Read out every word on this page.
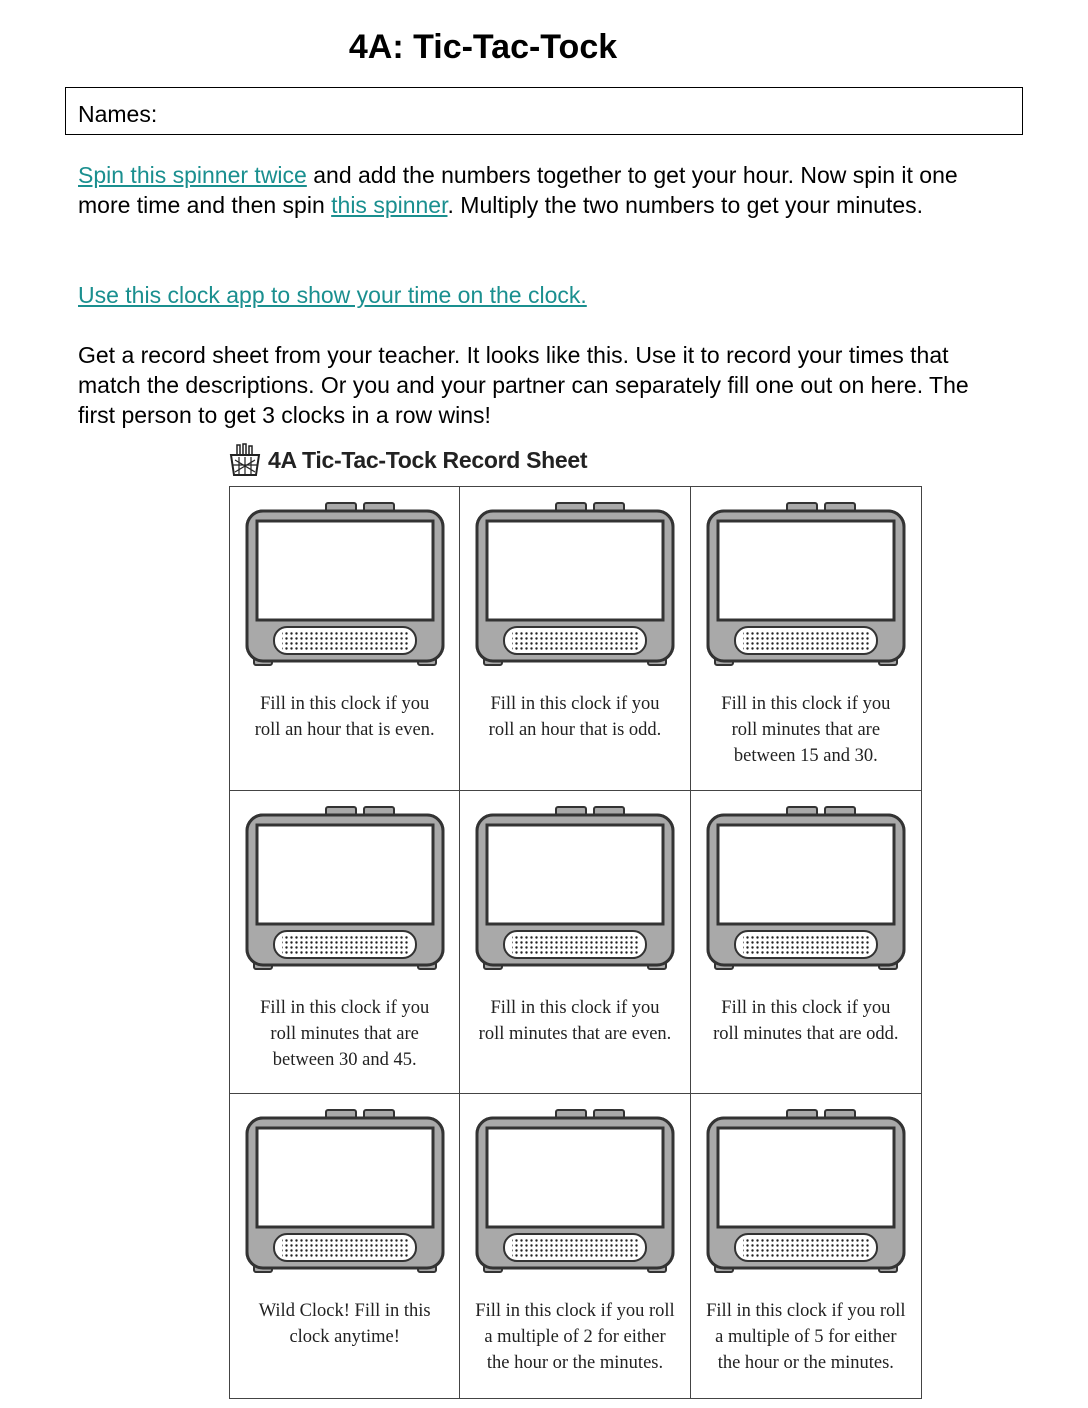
4A: Tic-Tac-Tock
Names:
Spin this spinner twice and add the numbers together to get your hour. Now spin it one more time and then spin this spinner. Multiply the two numbers to get your minutes.
Use this clock app to show your time on the clock.
Get a record sheet from your teacher. It looks like this. Use it to record your times that match the descriptions. Or you and your partner can separately fill one out on here. The first person to get 3 clocks in a row wins!
4A Tic-Tac-Tock Record Sheet
Fill in this clock if you
roll an hour that is even.
Fill in this clock if you
roll an hour that is odd.
Fill in this clock if you
roll minutes that are
between 15 and 30.
Fill in this clock if you
roll minutes that are
between 30 and 45.
Fill in this clock if you
roll minutes that are even.
Fill in this clock if you
roll minutes that are odd.
Wild Clock! Fill in this
clock anytime!
Fill in this clock if you roll
a multiple of 2 for either
the hour or the minutes.
Fill in this clock if you roll
a multiple of 5 for either
the hour or the minutes.
